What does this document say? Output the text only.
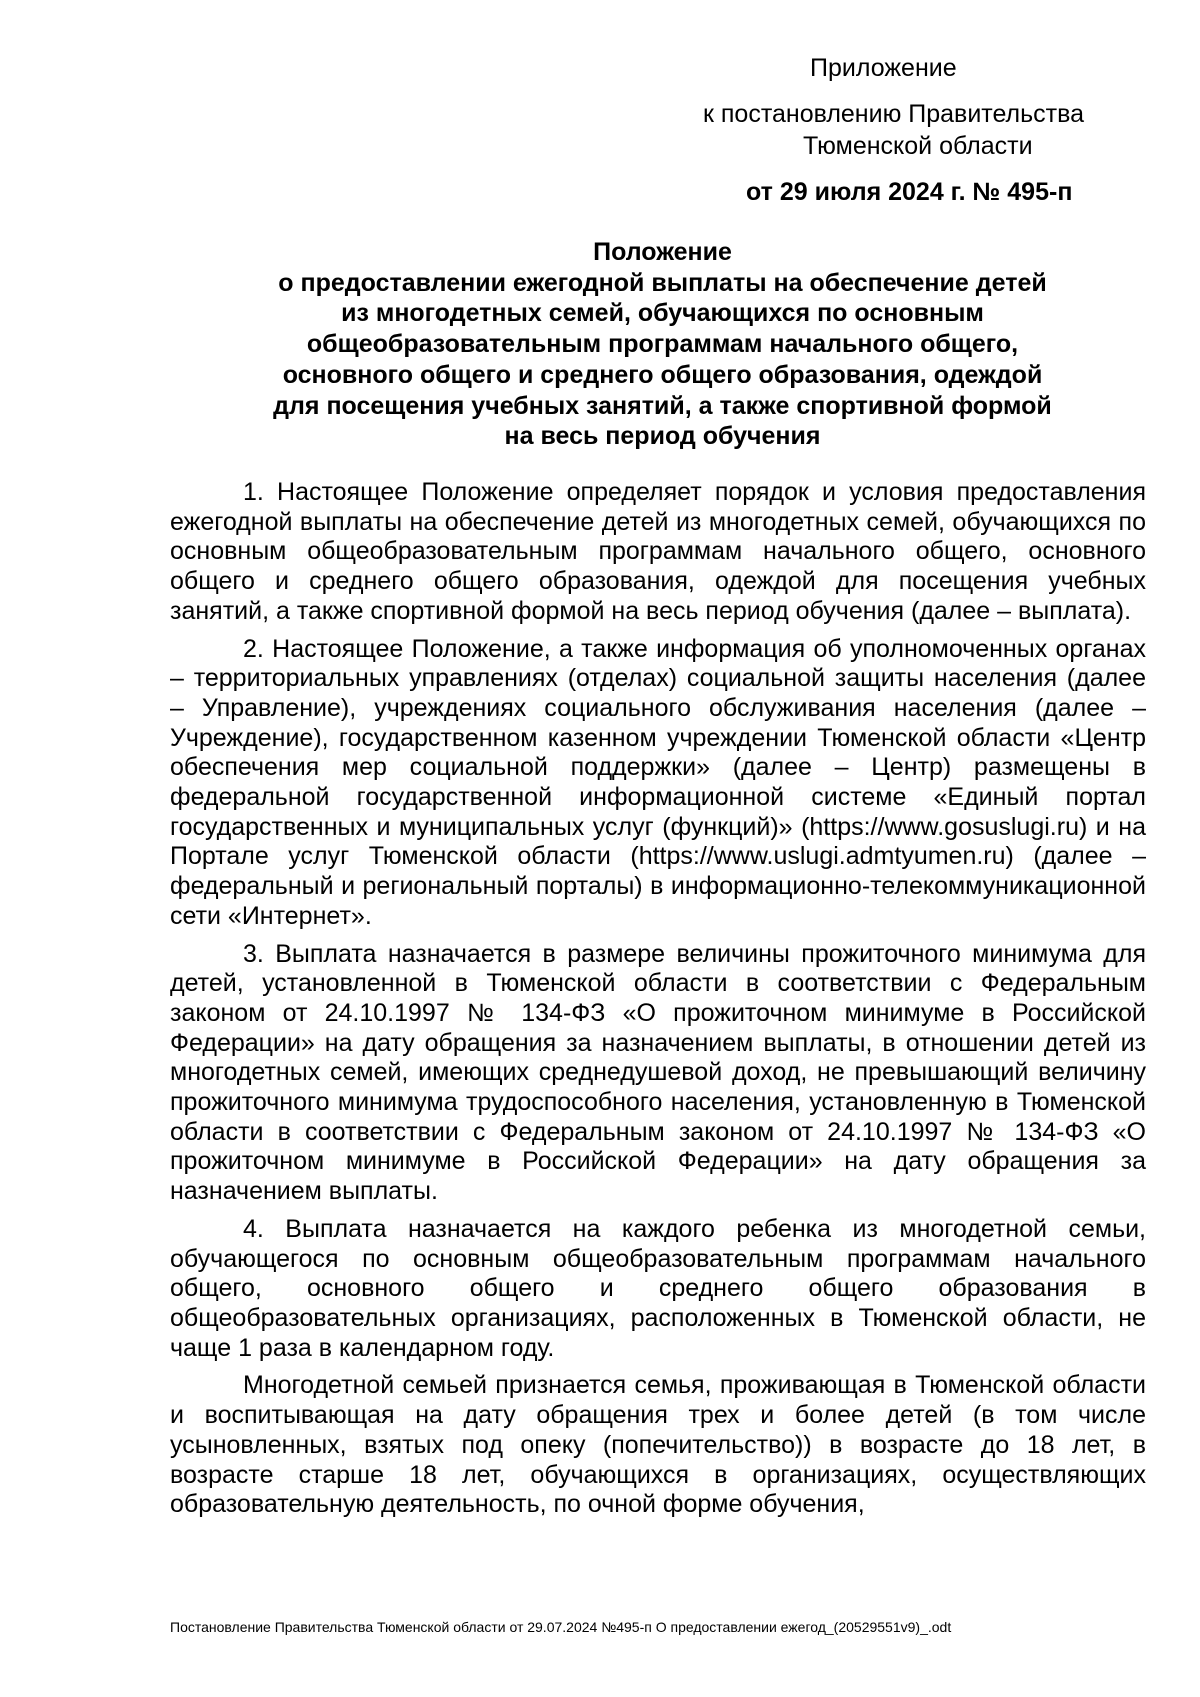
Приложение
к постановлению Правительства
Тюменской области
от 29 июля 2024 г. № 495-п
Положение
о предоставлении ежегодной выплаты на обеспечение детей
из многодетных семей, обучающихся по основным
общеобразовательным программам начального общего,
основного общего и среднего общего образования, одеждой
для посещения учебных занятий, а также спортивной формой
на весь период обучения

1. Настоящее Положение определяет порядок и условия предоставления ежегодной выплаты на обеспечение детей из многодетных семей, обучающихся по основным общеобразовательным программам начального общего, основного общего и среднего общего образования, одеждой для посещения учебных занятий, а также спортивной формой на весь период обучения (далее – выплата).

2. Настоящее Положение, а также информация об уполномоченных органах – территориальных управлениях (отделах) социальной защиты населения (далее – Управление), учреждениях социального обслуживания населения (далее – Учреждение), государственном казенном учреждении Тюменской области «Центр обеспечения мер социальной поддержки» (далее – Центр) размещены в федеральной государственной информационной системе «Единый портал государственных и муниципальных услуг (функций)» (https://www.gosuslugi.ru) и на Портале услуг Тюменской области (https://www.uslugi.admtyumen.ru) (далее – федеральный и региональный порталы) в информационно-телекоммуникационной сети «Интернет».

3. Выплата назначается в размере величины прожиточного минимума для детей, установленной в Тюменской области в соответствии с Федеральным законом от 24.10.1997 № 134-ФЗ «О прожиточном минимуме в Российской Федерации» на дату обращения за назначением выплаты, в отношении детей из многодетных семей, имеющих среднедушевой доход, не превышающий величину прожиточного минимума трудоспособного населения, установленную в Тюменской области в соответствии с Федеральным законом от 24.10.1997 № 134-ФЗ «О прожиточном минимуме в Российской Федерации» на дату обращения за назначением выплаты.

4. Выплата назначается на каждого ребенка из многодетной семьи, обучающегося по основным общеобразовательным программам начального общего, основного общего и среднего общего образования в общеобразовательных организациях, расположенных в Тюменской области, не чаще 1 раза в календарном году.

Многодетной семьей признается семья, проживающая в Тюменской области и воспитывающая на дату обращения трех и более детей (в том числе усыновленных, взятых под опеку (попечительство)) в возрасте до 18 лет, в возрасте старше 18 лет, обучающихся в организациях, осуществляющих образовательную деятельность, по очной форме обучения,

Постановление Правительства Тюменской области от 29.07.2024 №495-п О предоставлении ежегод_(20529551v9)_.odt
